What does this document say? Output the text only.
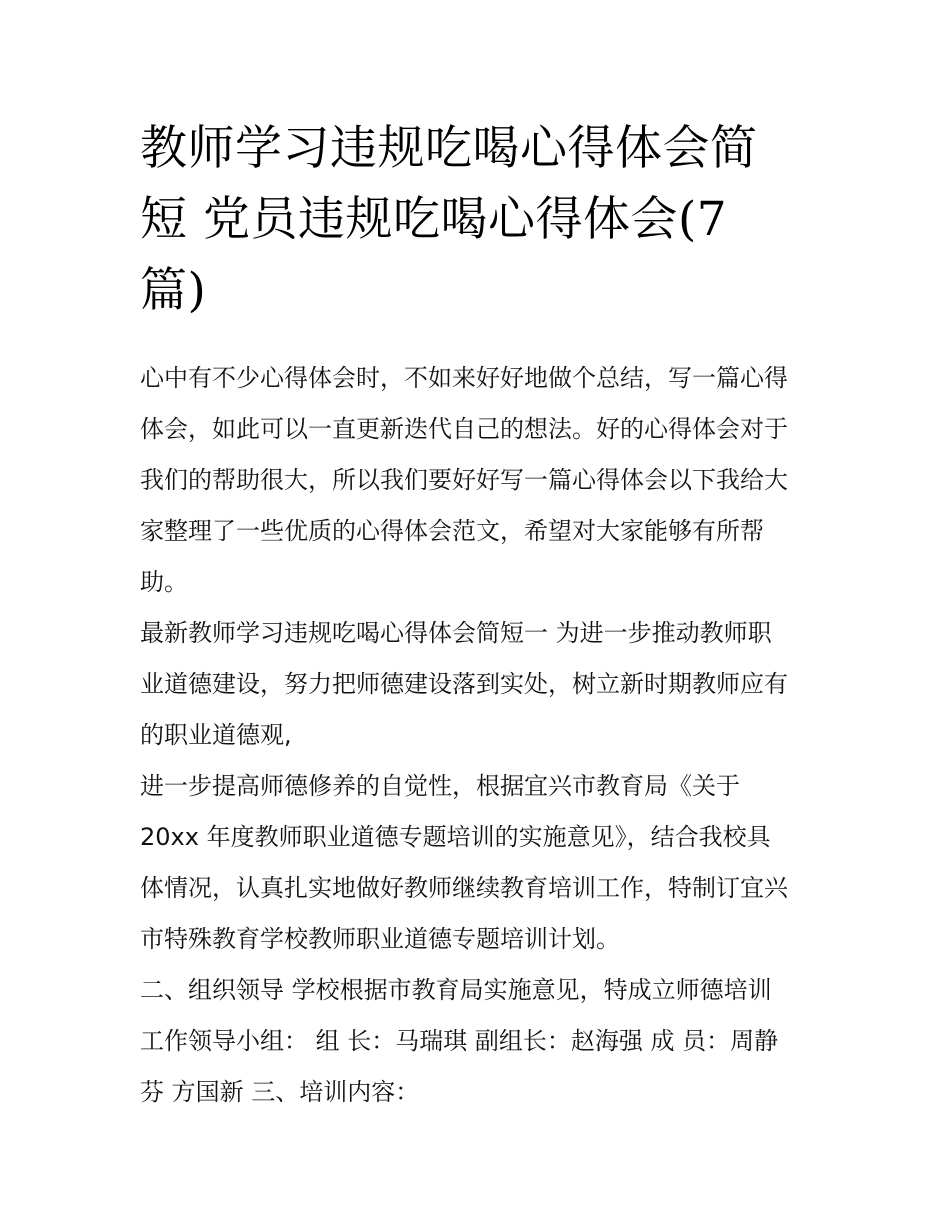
教师学习违规吃喝心得体会简
短 党员违规吃喝心得体会(7
篇)

心中有不少心得体会时，不如来好好地做个总结，写一篇心得
体会，如此可以一直更新迭代自己的想法。好的心得体会对于
我们的帮助很大，所以我们要好好写一篇心得体会以下我给大
家整理了一些优质的心得体会范文，希望对大家能够有所帮
助。

最新教师学习违规吃喝心得体会简短一 为进一步推动教师职
业道德建设，努力把师德建设落到实处，树立新时期教师应有
的职业道德观,

进一步提高师德修养的自觉性，根据宜兴市教育局《关于
20xx 年度教师职业道德专题培训的实施意见》，结合我校具
体情况，认真扎实地做好教师继续教育培训工作，特制订宜兴
市特殊教育学校教师职业道德专题培训计划。

二、组织领导 学校根据市教育局实施意见，特成立师德培训
工作领导小组： 组 长：马瑞琪 副组长：赵海强 成 员：周静
芬 方国新 三、培训内容：
